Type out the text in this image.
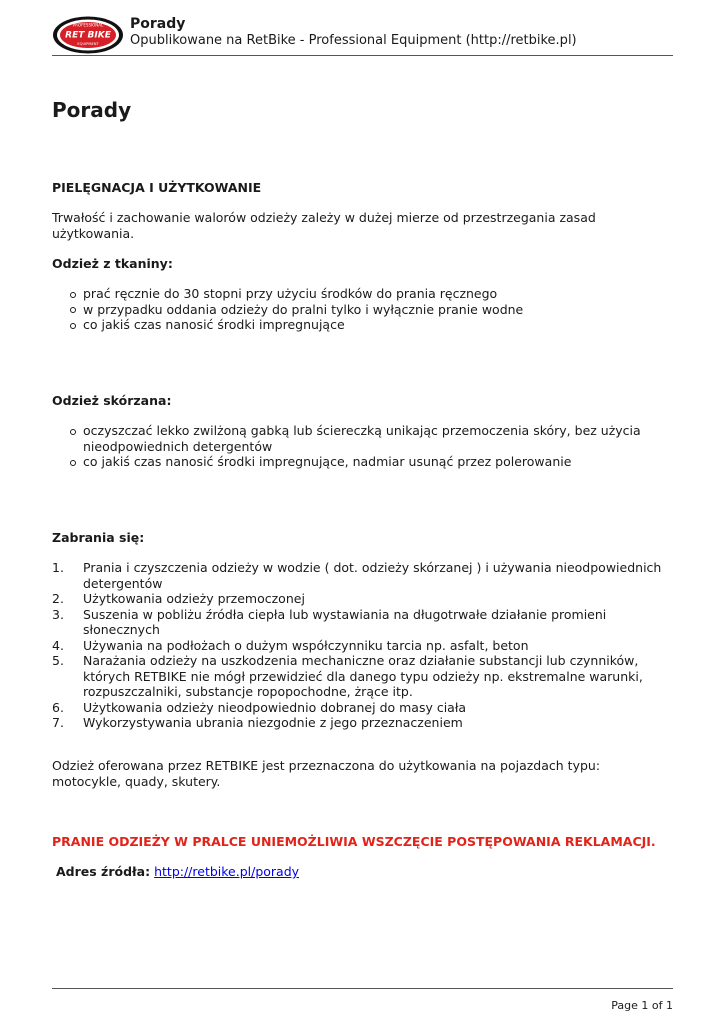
PROFESSIONAL
RET BIKE
EQUIPMENT
Porady
Opublikowane na RetBike - Professional Equipment (http://retbike.pl)
Porady

PIELĘGNACJA I UŻYTKOWANIE

Trwałość i zachowanie walorów odzieży zależy w dużej mierze od przestrzegania zasad użytkowania.

Odzież z tkaniny:

prać ręcznie do 30 stopni przy użyciu środków do prania ręcznego
w przypadku oddania odzieży do pralni tylko i wyłącznie pranie wodne
co jakiś czas nanosić środki impregnujące

Odzież skórzana:

oczyszczać lekko zwilżoną gabką lub ściereczką unikając przemoczenia skóry, bez użycia nieodpowiednich detergentów
co jakiś czas nanosić środki impregnujące, nadmiar usunąć przez polerowanie

Zabrania się:

1. Prania i czyszczenia odzieży w wodzie ( dot. odzieży skórzanej ) i używania nieodpowiednich detergentów
2. Użytkowania odzieży przemoczonej
3. Suszenia w pobliżu źródła ciepła lub wystawiania na długotrwałe działanie promieni słonecznych
4. Używania na podłożach o dużym współczynniku tarcia np. asfalt, beton
5. Narażania odzieży na uszkodzenia mechaniczne oraz działanie substancji lub czynników, których RETBIKE nie mógł przewidzieć dla danego typu odzieży np. ekstremalne warunki, rozpuszczalniki, substancje ropopochodne, żrące itp.
6. Użytkowania odzieży nieodpowiednio dobranej do masy ciała
7. Wykorzystywania ubrania niezgodnie z jego przeznaczeniem

Odzież oferowana przez RETBIKE jest przeznaczona do użytkowania na pojazdach typu: motocykle, quady, skutery.

PRANIE ODZIEŻY W PRALCE UNIEMOŻLIWIA WSZCZĘCIE POSTĘPOWANIA REKLAMACJI.

Adres źródła: http://retbike.pl/porady

Page 1 of 1
